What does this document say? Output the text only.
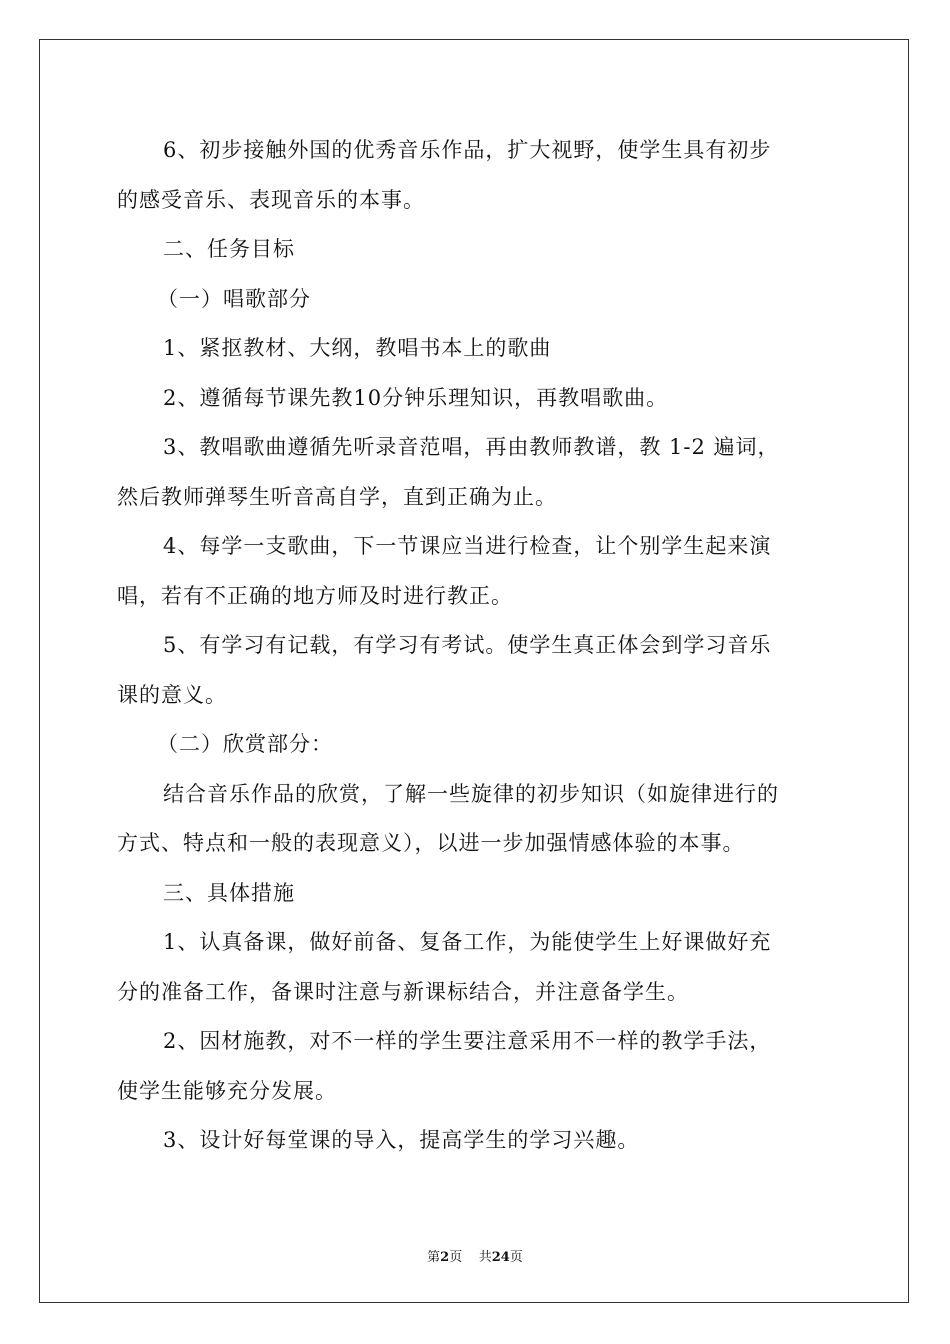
6、初步接触外国的优秀音乐作品，扩大视野，使学生具有初步
的感受音乐、表现音乐的本事。
二、任务目标
（一）唱歌部分
1、紧抠教材、大纲，教唱书本上的歌曲
2、遵循每节课先教10分钟乐理知识，再教唱歌曲。
3、教唱歌曲遵循先听录音范唱，再由教师教谱，教 1-2 遍词，
然后教师弹琴生听音高自学，直到正确为止。
4、每学一支歌曲，下一节课应当进行检查，让个别学生起来演
唱，若有不正确的地方师及时进行教正。
5、有学习有记载，有学习有考试。使学生真正体会到学习音乐
课的意义。
（二）欣赏部分：
结合音乐作品的欣赏，了解一些旋律的初步知识（如旋律进行的
方式、特点和一般的表现意义），以进一步加强情感体验的本事。
三、具体措施
1、认真备课，做好前备、复备工作，为能使学生上好课做好充
分的准备工作，备课时注意与新课标结合，并注意备学生。
2、因材施教，对不一样的学生要注意采用不一样的教学手法，
使学生能够充分发展。
3、设计好每堂课的导入，提高学生的学习兴趣。
第2页 共24页
